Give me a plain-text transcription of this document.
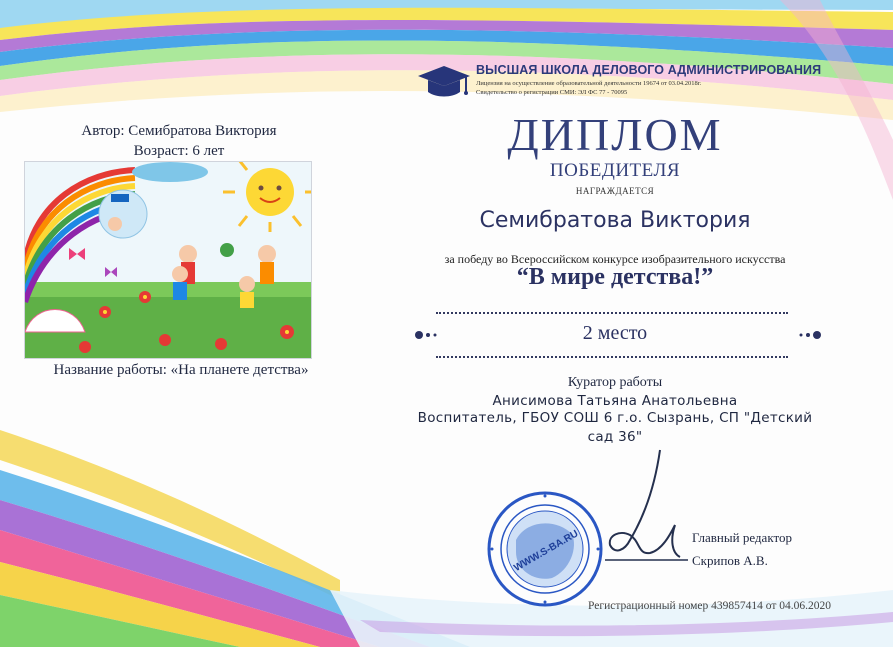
Автор: Семибратова Виктория
Возраст: 6 лет
Название работы: «На планете детства»
ВЫСШАЯ ШКОЛА ДЕЛОВОГО АДМИНИСТРИРОВАНИЯ
Лицензия на осуществление образовательной деятельности 19674 от 03.04.2018г.
Свидетельство о регистрации СМИ: ЭЛ ФС 77 - 70095
ДИПЛОМ
ПОБЕДИТЕЛЯ
НАГРАЖДАЕТСЯ
Семибратова Виктория
за победу во Всероссийском конкурсе изобразительного искусства
“В мире детства!”
2 место
Куратор работы
Анисимова Татьяна Анатольевна
Воспитатель, ГБОУ СОШ 6 г.о. Сызрань, СП "Детский сад 36"
WWW.S-BA.RU	Главный редактор
Скрипов А.В.
Регистрационный номер 439857414 от 04.06.2020
